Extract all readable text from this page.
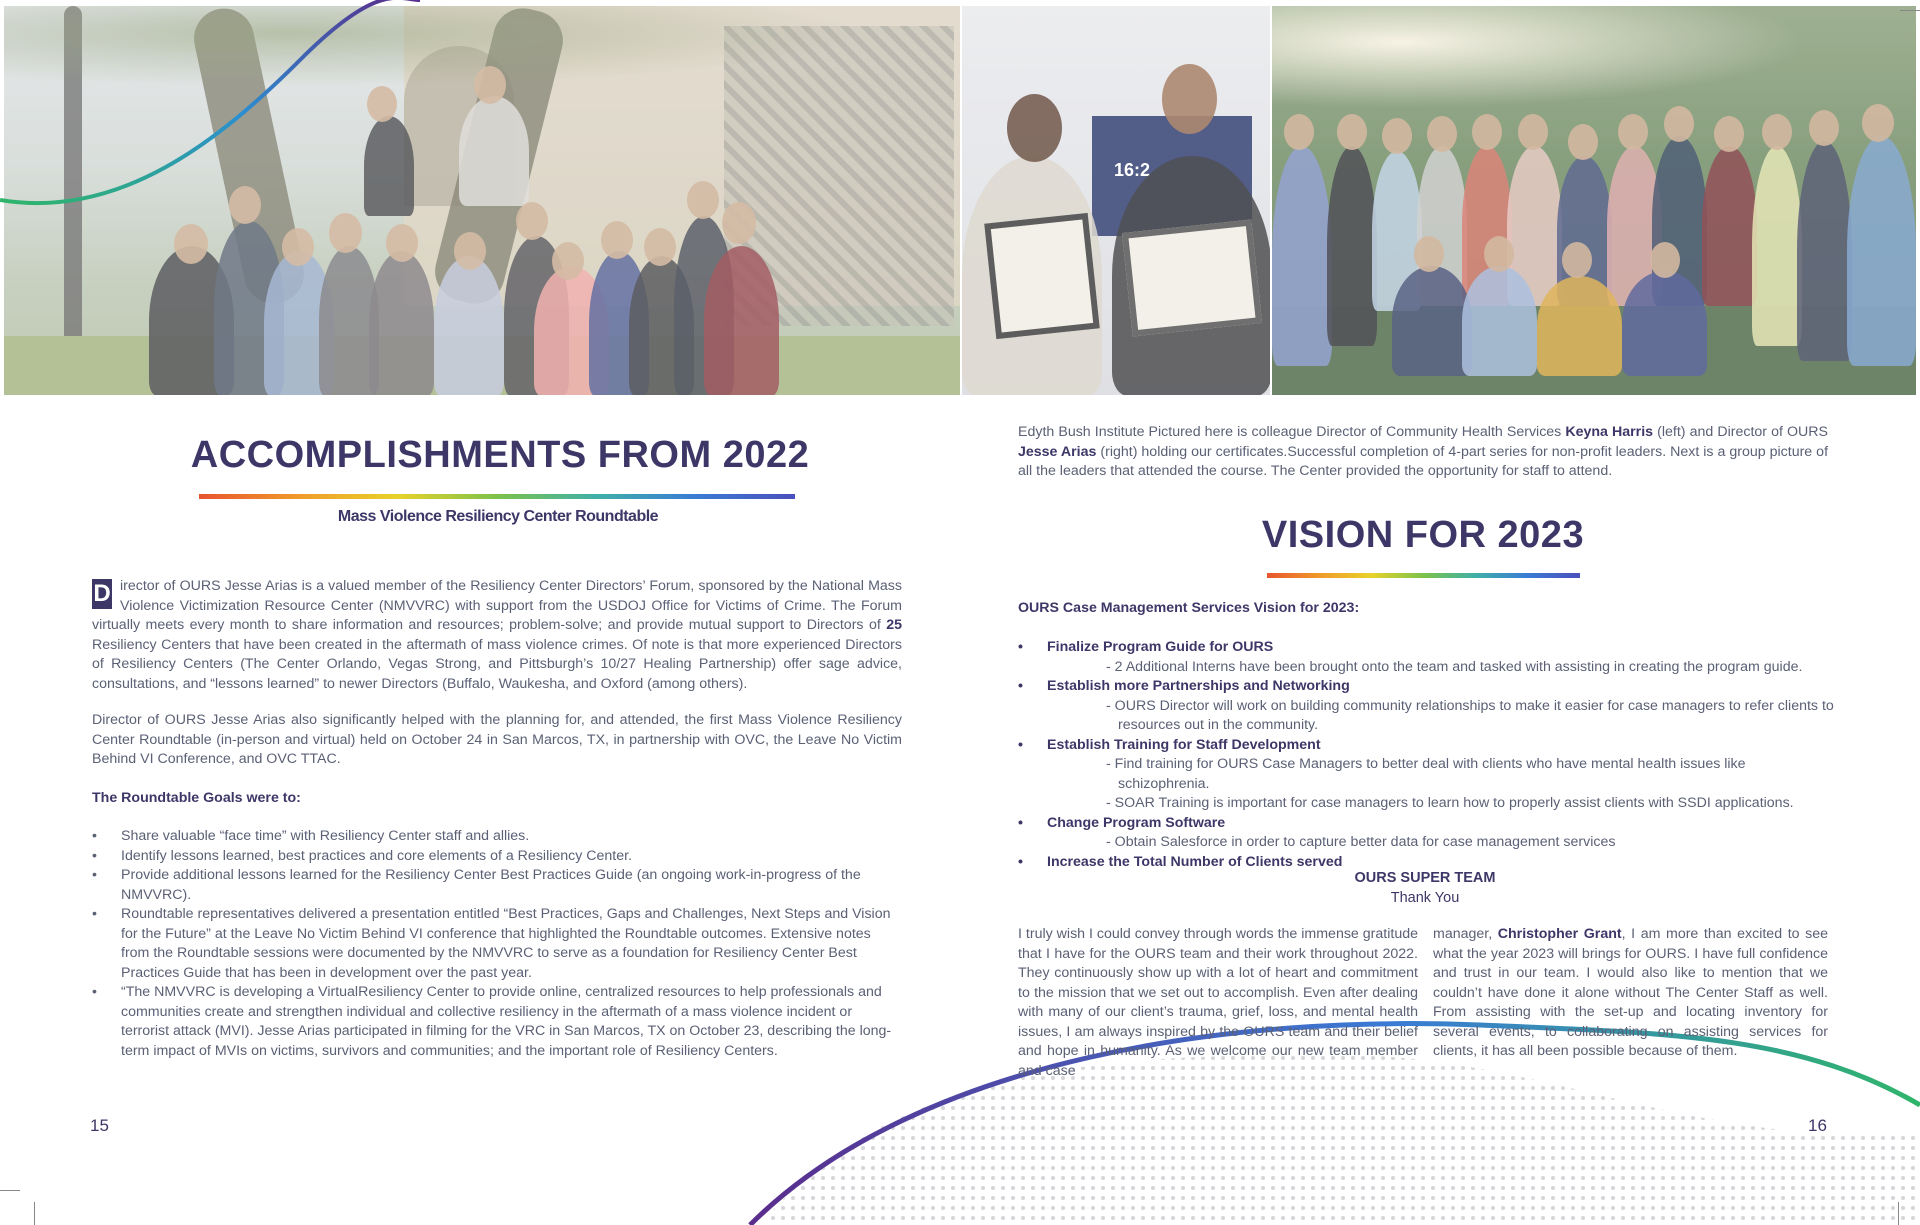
16:2
ACCOMPLISHMENTS FROM 2022
Mass Violence Resiliency Center Roundtable

D irector of OURS Jesse Arias is a valued member of the Resiliency Center Directors’ Forum, sponsored by the National Mass Violence Victimization Resource Center (NMVVRC) with support from the USDOJ Office for Victims of Crime. The Forum virtually meets every month to share information and resources; problem-solve; and provide mutual support to Directors of 25 Resiliency Centers that have been created in the aftermath of mass violence crimes. Of note is that more experienced Directors of Resiliency Centers (The Center Orlando, Vegas Strong, and Pittsburgh’s 10/27 Healing Partnership) offer sage advice, consultations, and “lessons learned” to newer Directors (Buffalo, Waukesha, and Oxford (among others).

Director of OURS Jesse Arias also significantly helped with the planning for, and attended, the first Mass Violence Resiliency Center Roundtable (in-person and virtual) held on October 24 in San Marcos, TX, in partnership with OVC, the Leave No Victim Behind VI Conference, and OVC TTAC.

The Roundtable Goals were to:

• Share valuable “face time” with Resiliency Center staff and allies.
• Identify lessons learned, best practices and core elements of a Resiliency Center.
• Provide additional lessons learned for the Resiliency Center Best Practices Guide (an ongoing work-in-progress of the NMVVRC).
• Roundtable representatives delivered a presentation entitled “Best Practices, Gaps and Challenges, Next Steps and Vision for the Future” at the Leave No Victim Behind VI conference that highlighted the Roundtable outcomes. Extensive notes from the Roundtable sessions were documented by the NMVVRC to serve as a foundation for Resiliency Center Best Practices Guide that has been in development over the past year.
• “The NMVVRC is developing a VirtualResiliency Center to provide online, centralized resources to help professionals and communities create and strengthen individual and collective resiliency in the aftermath of a mass violence incident or terrorist attack (MVI). Jesse Arias participated in filming for the VRC in San Marcos, TX on October 23, describing the long-term impact of MVIs on victims, survivors and communities; and the important role of Resiliency Centers.
15

Edyth Bush Institute Pictured here is colleague Director of Community Health Services Keyna Harris (left) and Director of OURS Jesse Arias (right) holding our certificates.Successful completion of 4-part series for non-profit leaders. Next is a group picture of all the leaders that attended the course. The Center provided the opportunity for staff to attend.

VISION FOR 2023

OURS Case Management Services Vision for 2023:

• Finalize Program Guide for OURS
- 2 Additional Interns have been brought onto the team and tasked with assisting in creating the program guide.
• Establish more Partnerships and Networking
- OURS Director will work on building community relationships to make it easier for case managers to refer clients to resources out in the community.
• Establish Training for Staff Development
- Find training for OURS Case Managers to better deal with clients who have mental health issues like schizophrenia.
- SOAR Training is important for case managers to learn how to properly assist clients with SSDI applications.
• Change Program Software
- Obtain Salesforce in order to capture better data for case management services
• Increase the Total Number of Clients served
OURS SUPER TEAM
Thank You

I truly wish I could convey through words the immense gratitude that I have for the OURS team and their work throughout 2022. They continuously show up with a lot of heart and commitment to the mission that we set out to accomplish. Even after dealing with many of our client’s trauma, grief, loss, and mental health issues, I am always inspired by the OURS team and their belief and hope in humanity. As we welcome our new team member and case

manager, Christopher Grant, I am more than excited to see what the year 2023 will brings for OURS. I have full confidence and trust in our team. I would also like to mention that we couldn’t have done it alone without The Center Staff as well. From assisting with the set-up and locating inventory for several events, to collaborating on assisting services for clients, it has all been possible because of them.

16
